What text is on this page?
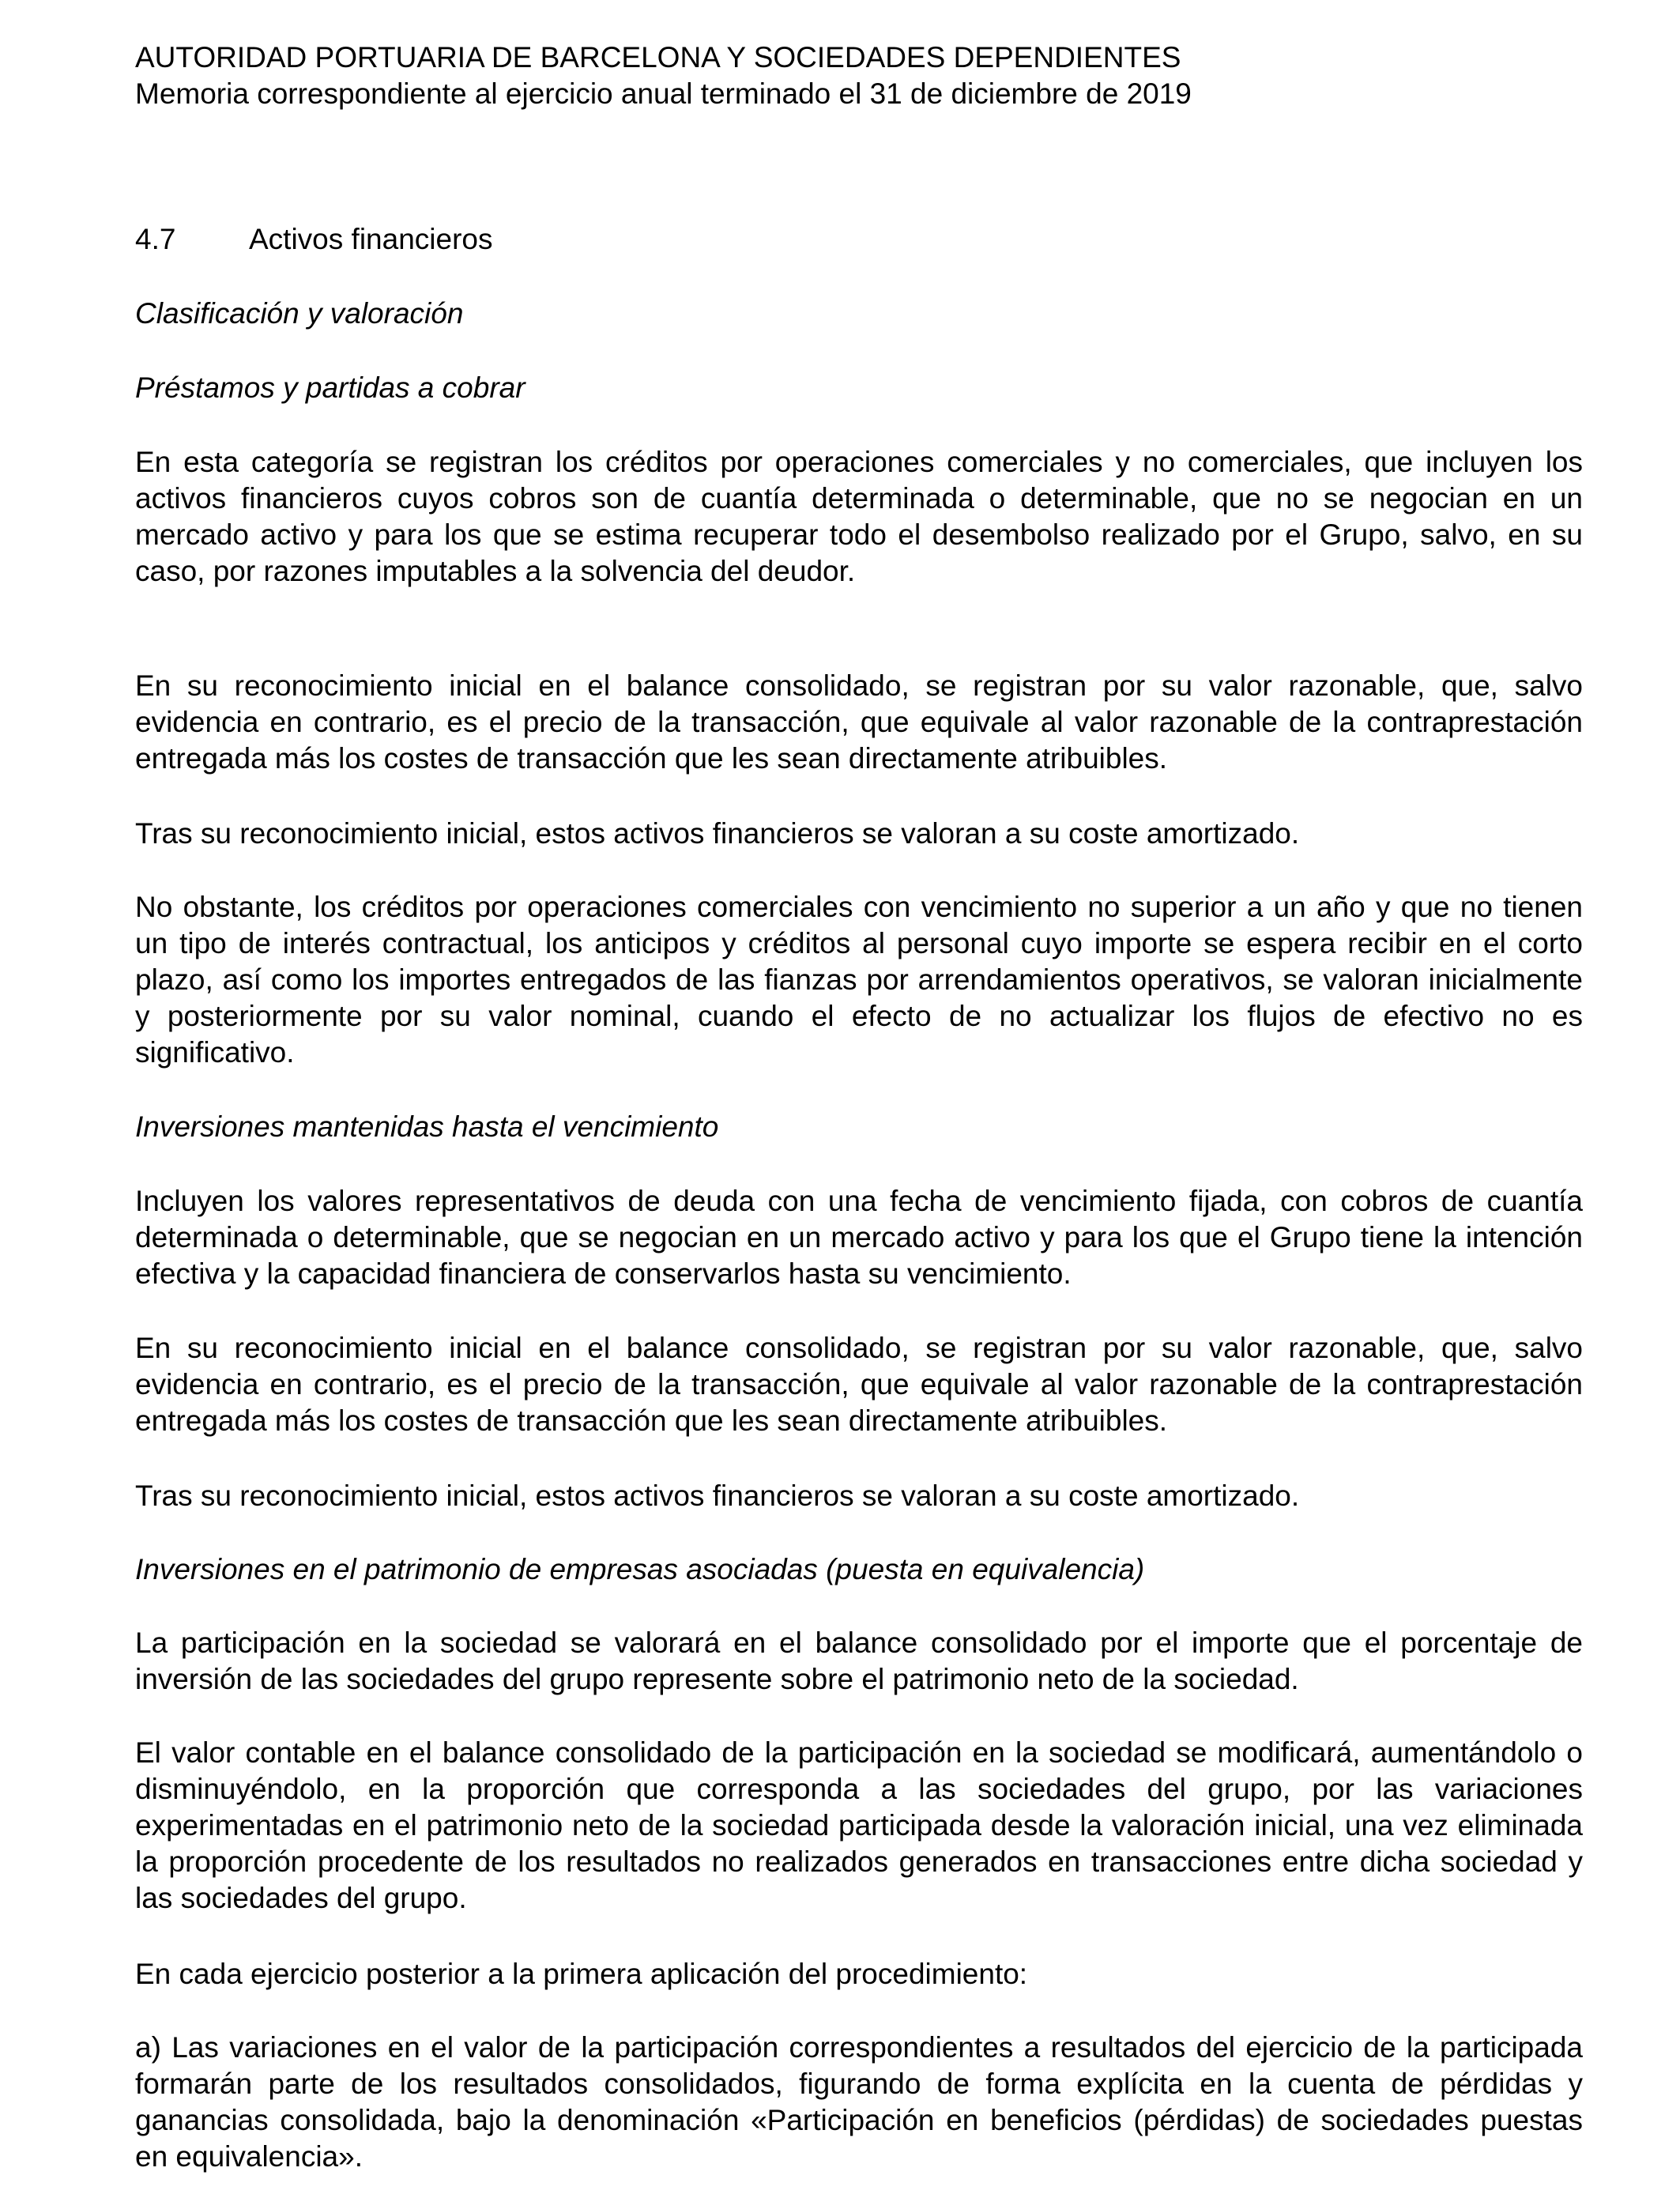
AUTORIDAD PORTUARIA DE BARCELONA Y SOCIEDADES DEPENDIENTES
Memoria correspondiente al ejercicio anual terminado el 31 de diciembre de 2019
4.7	Activos financieros
Clasificación y valoración
Préstamos y partidas a cobrar
En esta categoría se registran los créditos por operaciones comerciales y no comerciales, que incluyen los activos financieros cuyos cobros son de cuantía determinada o determinable, que no se negocian en un mercado activo y para los que se estima recuperar todo el desembolso realizado por el Grupo, salvo, en su caso, por razones imputables a la solvencia del deudor.
En su reconocimiento inicial en el balance consolidado, se registran por su valor razonable, que, salvo evidencia en contrario, es el precio de la transacción, que equivale al valor razonable de la contraprestación entregada más los costes de transacción que les sean directamente atribuibles.
Tras su reconocimiento inicial, estos activos financieros se valoran a su coste amortizado.
No obstante, los créditos por operaciones comerciales con vencimiento no superior a un año y que no tienen un tipo de interés contractual, los anticipos y créditos al personal cuyo importe se espera recibir en el corto plazo, así como los importes entregados de las fianzas por arrendamientos operativos, se valoran inicialmente y posteriormente por su valor nominal, cuando el efecto de no actualizar los flujos de efectivo no es significativo.
Inversiones mantenidas hasta el vencimiento
Incluyen los valores representativos de deuda con una fecha de vencimiento fijada, con cobros de cuantía determinada o determinable, que se negocian en un mercado activo y para los que el Grupo tiene la intención efectiva y la capacidad financiera de conservarlos hasta su vencimiento.
En su reconocimiento inicial en el balance consolidado, se registran por su valor razonable, que, salvo evidencia en contrario, es el precio de la transacción, que equivale al valor razonable de la contraprestación entregada más los costes de transacción que les sean directamente atribuibles.
Tras su reconocimiento inicial, estos activos financieros se valoran a su coste amortizado.
Inversiones en el patrimonio de empresas asociadas (puesta en equivalencia)
La participación en la sociedad se valorará en el balance consolidado por el importe que el porcentaje de inversión de las sociedades del grupo represente sobre el patrimonio neto de la sociedad.
El valor contable en el balance consolidado de la participación en la sociedad se modificará, aumentándolo o disminuyéndolo, en la proporción que corresponda a las sociedades del grupo, por las variaciones experimentadas en el patrimonio neto de la sociedad participada desde la valoración inicial, una vez eliminada la proporción procedente de los resultados no realizados generados en transacciones entre dicha sociedad y las sociedades del grupo.
En cada ejercicio posterior a la primera aplicación del procedimiento:
a) Las variaciones en el valor de la participación correspondientes a resultados del ejercicio de la participada formarán parte de los resultados consolidados, figurando de forma explícita en la cuenta de pérdidas y ganancias consolidada, bajo la denominación «Participación en beneficios (pérdidas) de sociedades puestas en equivalencia».
